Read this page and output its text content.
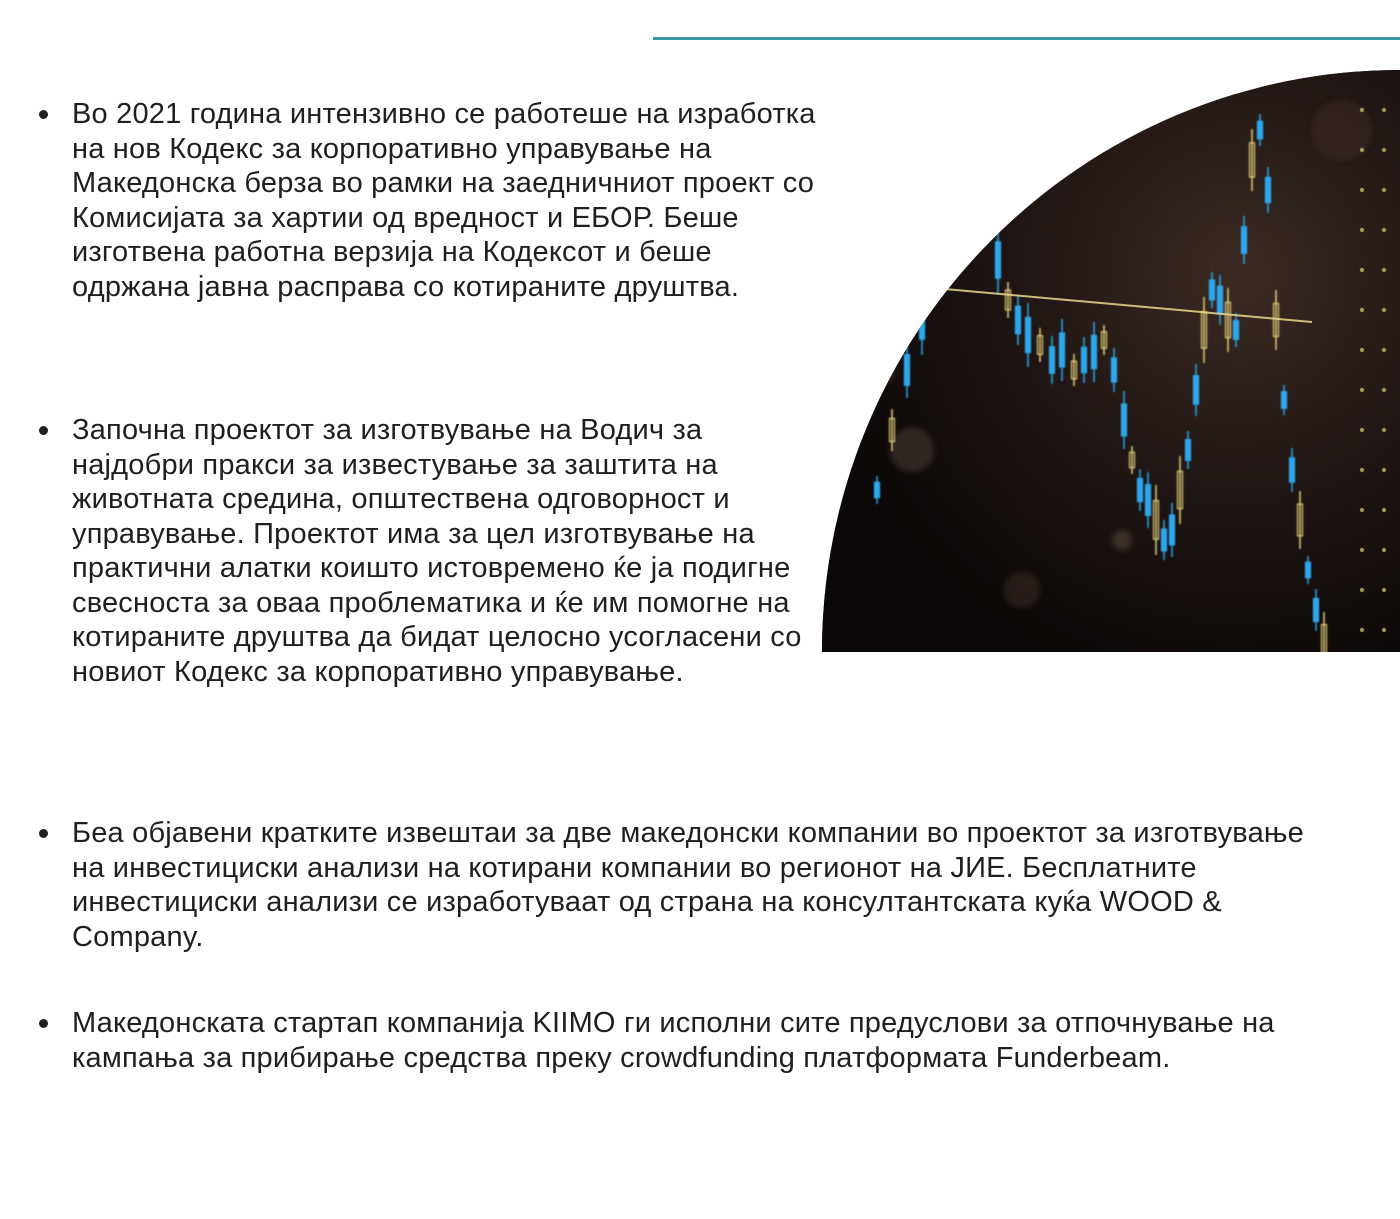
Во 2021 година интензивно се работеше на изработка на нов Кодекс за корпоративно управување на Македонска берза во рамки на заедничниот проект со Комисијата за хартии од вредност и ЕБОР. Беше изготвена работна верзија на Кодексот и беше одржана јавна расправа со котираните друштва.
Започна проектот за изготвување на Водич за најдобри пракси за известување за заштита на животната средина, општествена одговорност и управување. Проектот има за цел изготвување на практични алатки коишто истовремено ќе ја подигне свесноста за оваа проблематика и ќе им помогне на котираните друштва да бидат целосно усогласени со новиот Кодекс за корпоративно управување.
Беа објавени кратките извештаи за две македонски компании во проектот за изготвување на инвестициски анализи на котирани компании во регионот на ЈИЕ. Бесплатните инвестициски анализи се изработуваат од страна на консултантската куќа WOOD & Company.
Македонската стартап компанија KIIMO ги исполни сите предуслови за отпочнување на кампања за прибирање средства преку crowdfunding платформата Funderbeam.
